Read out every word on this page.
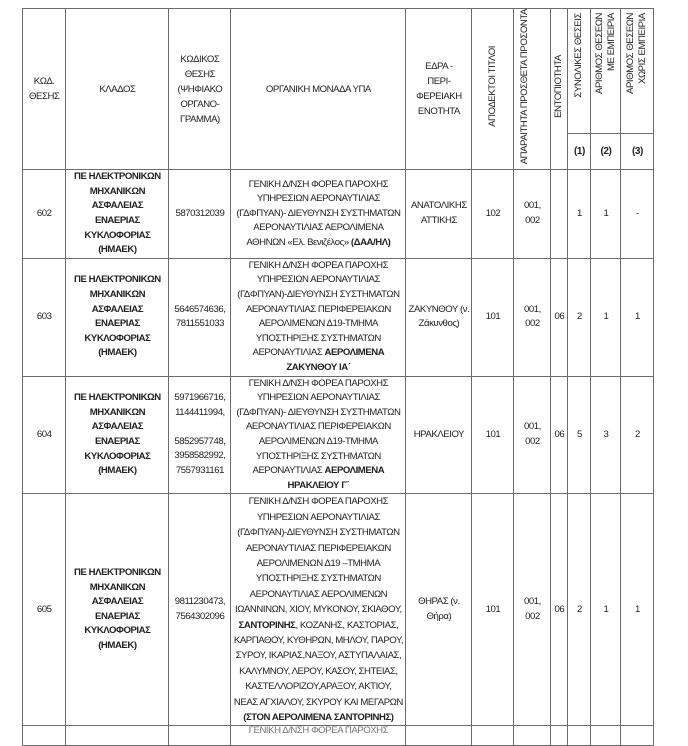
ΚΩΔ. ΘΕΣΗΣ	ΚΛΑΔΟΣ	ΚΩΔΙΚΟΣ ΘΕΣΗΣ (ΨΗΦΙΑΚΟ ΟΡΓΑΝΟ-ΓΡΑΜΜΑ)	ΟΡΓΑΝΙΚΗ ΜΟΝΑΔΑ ΥΠΑ	ΕΔΡΑ - ΠΕΡΙ-ΦΕΡΕΙΑΚΗ ΕΝΟΤΗΤΑ	ΑΠΟΔΕΚΤΟΙ ΤΙΤΛΟΙ	ΑΠΑΡΑΙΤΗΤΑ ΠΡΟΣΘΕΤΑ ΠΡΟΣΟΝΤΑ	ΕΝΤΟΠΙΟΤΗΤΑ	ΣΥΝΟΛΙΚΕΣ ΘΕΣΕΙΣ	ΑΡΙΘΜΟΣ ΘΕΣΕΩΝ ΜΕ ΕΜΠΕΙΡΙΑ	ΑΡΙΘΜΟΣ ΘΕΣΕΩΝ ΧΩΡΙΣ ΕΜΠΕΙΡΙΑ
								(1)	(2)	(3)
602	ΠΕ ΗΛΕΚΤΡΟΝΙΚΩΝ ΜΗΧΑΝΙΚΩΝ ΑΣΦΑΛΕΙΑΣ ΕΝΑΕΡΙΑΣ ΚΥΚΛΟΦΟΡΙΑΣ (ΗΜΑΕΚ)	5870312039	ΓΕΝΙΚΗ Δ/ΝΣΗ ΦΟΡΕΑ ΠΑΡΟΧΗΣ ΥΠΗΡΕΣΙΩΝ ΑΕΡΟΝΑΥΤΙΛΙΑΣ (ΓΔΦΠΥΑΝ)- ΔΙΕΥΘΥΝΣΗ ΣΥΣΤΗΜΑΤΩΝ ΑΕΡΟΝΑΥΤΙΛΙΑΣ ΑΕΡΟΛΙΜΕΝΑ ΑΘΗΝΩΝ «Ελ. Βενιζέλος» (ΔΑΑ/ΗΛ)	ΑΝΑΤΟΛΙΚΗΣ ΑΤΤΙΚΗΣ	102	001, 002		1	1	-
603	ΠΕ ΗΛΕΚΤΡΟΝΙΚΩΝ ΜΗΧΑΝΙΚΩΝ ΑΣΦΑΛΕΙΑΣ ΕΝΑΕΡΙΑΣ ΚΥΚΛΟΦΟΡΙΑΣ (ΗΜΑΕΚ)	5646574636, 7811551033	ΓΕΝΙΚΗ Δ/ΝΣΗ ΦΟΡΕΑ ΠΑΡΟΧΗΣ ΥΠΗΡΕΣΙΩΝ ΑΕΡΟΝΑΥΤΙΛΙΑΣ (ΓΔΦΠΥΑΝ)-ΔΙΕΥΘΥΝΣΗ ΣΥΣΤΗΜΑΤΩΝ ΑΕΡΟΝΑΥΤΙΛΙΑΣ ΠΕΡΙΦΕΡΕΙΑΚΩΝ ΑΕΡΟΛΙΜΕΝΩΝ Δ19-ΤΜΗΜΑ ΥΠΟΣΤΗΡΙΞΗΣ ΣΥΣΤΗΜΑΤΩΝ ΑΕΡΟΝΑΥΤΙΛΙΑΣ ΑΕΡΟΛΙΜΕΝΑ ΖΑΚΥΝΘΟΥ ΙΑ΄	ΖΑΚΥΝΘΟΥ (ν. Ζάκυνθος)	101	001, 002	06	2	1	1
604	ΠΕ ΗΛΕΚΤΡΟΝΙΚΩΝ ΜΗΧΑΝΙΚΩΝ ΑΣΦΑΛΕΙΑΣ ΕΝΑΕΡΙΑΣ ΚΥΚΛΟΦΟΡΙΑΣ (ΗΜΑΕΚ)	5971966716, 1144411994,
5852957748, 3958582992, 7557931161	ΓΕΝΙΚΗ Δ/ΝΣΗ ΦΟΡΕΑ ΠΑΡΟΧΗΣ ΥΠΗΡΕΣΙΩΝ ΑΕΡΟΝΑΥΤΙΛΙΑΣ (ΓΔΦΠΥΑΝ)- ΔΙΕΥΘΥΝΣΗ ΣΥΣΤΗΜΑΤΩΝ ΑΕΡΟΝΑΥΤΙΛΙΑΣ ΠΕΡΙΦΕΡΕΙΑΚΩΝ ΑΕΡΟΛΙΜΕΝΩΝ Δ19-ΤΜΗΜΑ ΥΠΟΣΤΗΡΙΞΗΣ ΣΥΣΤΗΜΑΤΩΝ ΑΕΡΟΝΑΥΤΙΛΙΑΣ ΑΕΡΟΛΙΜΕΝΑ ΗΡΑΚΛΕΙΟΥ Γ΄	ΗΡΑΚΛΕΙΟΥ	101	001, 002	06	5	3	2
605	ΠΕ ΗΛΕΚΤΡΟΝΙΚΩΝ ΜΗΧΑΝΙΚΩΝ ΑΣΦΑΛΕΙΑΣ ΕΝΑΕΡΙΑΣ ΚΥΚΛΟΦΟΡΙΑΣ (ΗΜΑΕΚ)	9811230473, 7564302096	ΓΕΝΙΚΗ Δ/ΝΣΗ ΦΟΡΕΑ ΠΑΡΟΧΗΣ ΥΠΗΡΕΣΙΩΝ ΑΕΡΟΝΑΥΤΙΛΙΑΣ (ΓΔΦΠΥΑΝ)-ΔΙΕΥΘΥΝΣΗ ΣΥΣΤΗΜΑΤΩΝ ΑΕΡΟΝΑΥΤΙΛΙΑΣ ΠΕΡΙΦΕΡΕΙΑΚΩΝ ΑΕΡΟΛΙΜΕΝΩΝ Δ19 –ΤΜΗΜΑ ΥΠΟΣΤΗΡΙΞΗΣ ΣΥΣΤΗΜΑΤΩΝ ΑΕΡΟΝΑΥΤΙΛΙΑΣ ΑΕΡΟΛΙΜΕΝΩΝ ΙΩΑΝΝΙΝΩΝ, ΧΙΟΥ, ΜΥΚΟΝΟΥ, ΣΚΙΑΘΟΥ, ΣΑΝΤΟΡΙΝΗΣ, ΚΟΖΑΝΗΣ, ΚΑΣΤΟΡΙΑΣ, ΚΑΡΠΑΘΟΥ, ΚΥΘΗΡΩΝ, ΜΗΛΟΥ, ΠΑΡΟΥ, ΣΥΡΟΥ, ΙΚΑΡΙΑΣ,ΝΑΞΟΥ, ΑΣΤΥΠΑΛΑΙΑΣ, ΚΑΛΥΜΝΟΥ, ΛΕΡΟΥ, ΚΑΣΟΥ, ΣΗΤΕΙΑΣ, ΚΑΣΤΕΛΛΟΡΙΖΟΥ,ΑΡΑΞΟΥ, ΑΚΤΙΟΥ, ΝΕΑΣ ΑΓΧΙΑΛΟΥ, ΣΚΥΡΟΥ ΚΑΙ ΜΕΓΑΡΩΝ (ΣΤΟΝ ΑΕΡΟΛΙΜΕΝΑ ΣΑΝΤΟΡΙΝΗΣ)	ΘΗΡΑΣ (ν. Θήρα)	101	001, 002	06	2	1	1
			ΓΕΝΙΚΗ Δ/ΝΣΗ ΦΟΡΕΑ ΠΑΡΟΧΗΣ							
